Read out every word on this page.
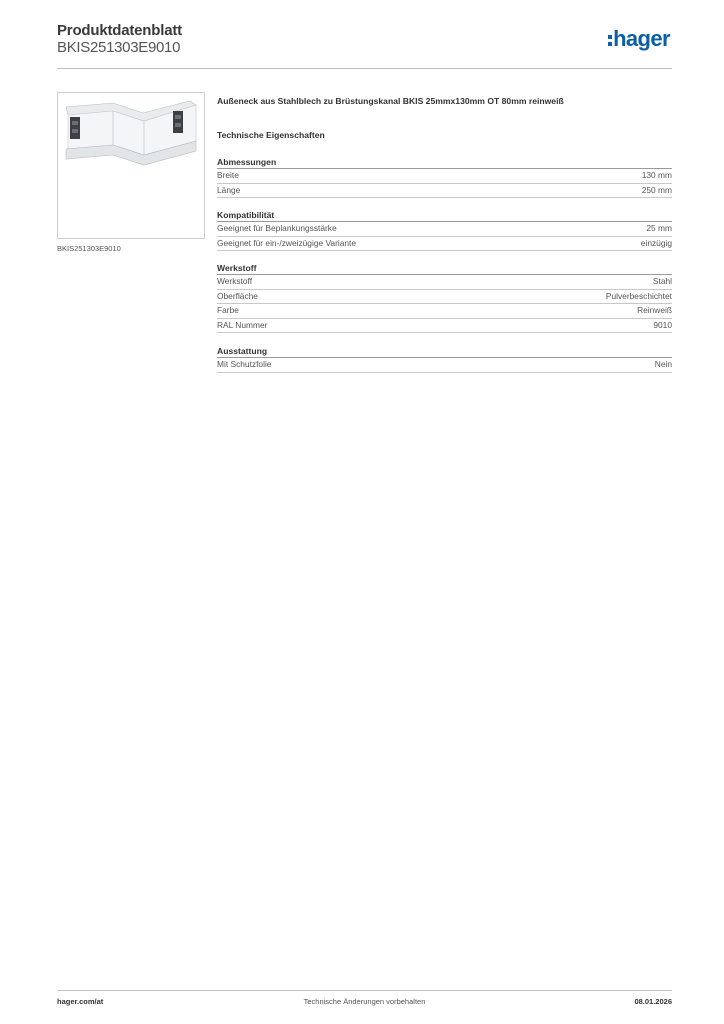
Produktdatenblatt
BKIS251303E9010	hager
BKIS251303E9010
Außeneck aus Stahlblech zu Brüstungskanal BKIS 25mmx130mm OT 80mm reinweiß
Technische Eigenschaften
Abmessungen
Breite	130 mm
Länge	250 mm
Kompatibilität
Geeignet für Beplankungsstärke	25 mm
Geeignet für ein-/zweizügige Variante	einzügig
Werkstoff
Werkstoff	Stahl
Oberfläche	Pulverbeschichtet
Farbe	Reinweiß
RAL Nummer	9010
Ausstattung
Mit Schutzfolie	Nein
hager.com/at	Technische Änderungen vorbehalten	08.01.2026
